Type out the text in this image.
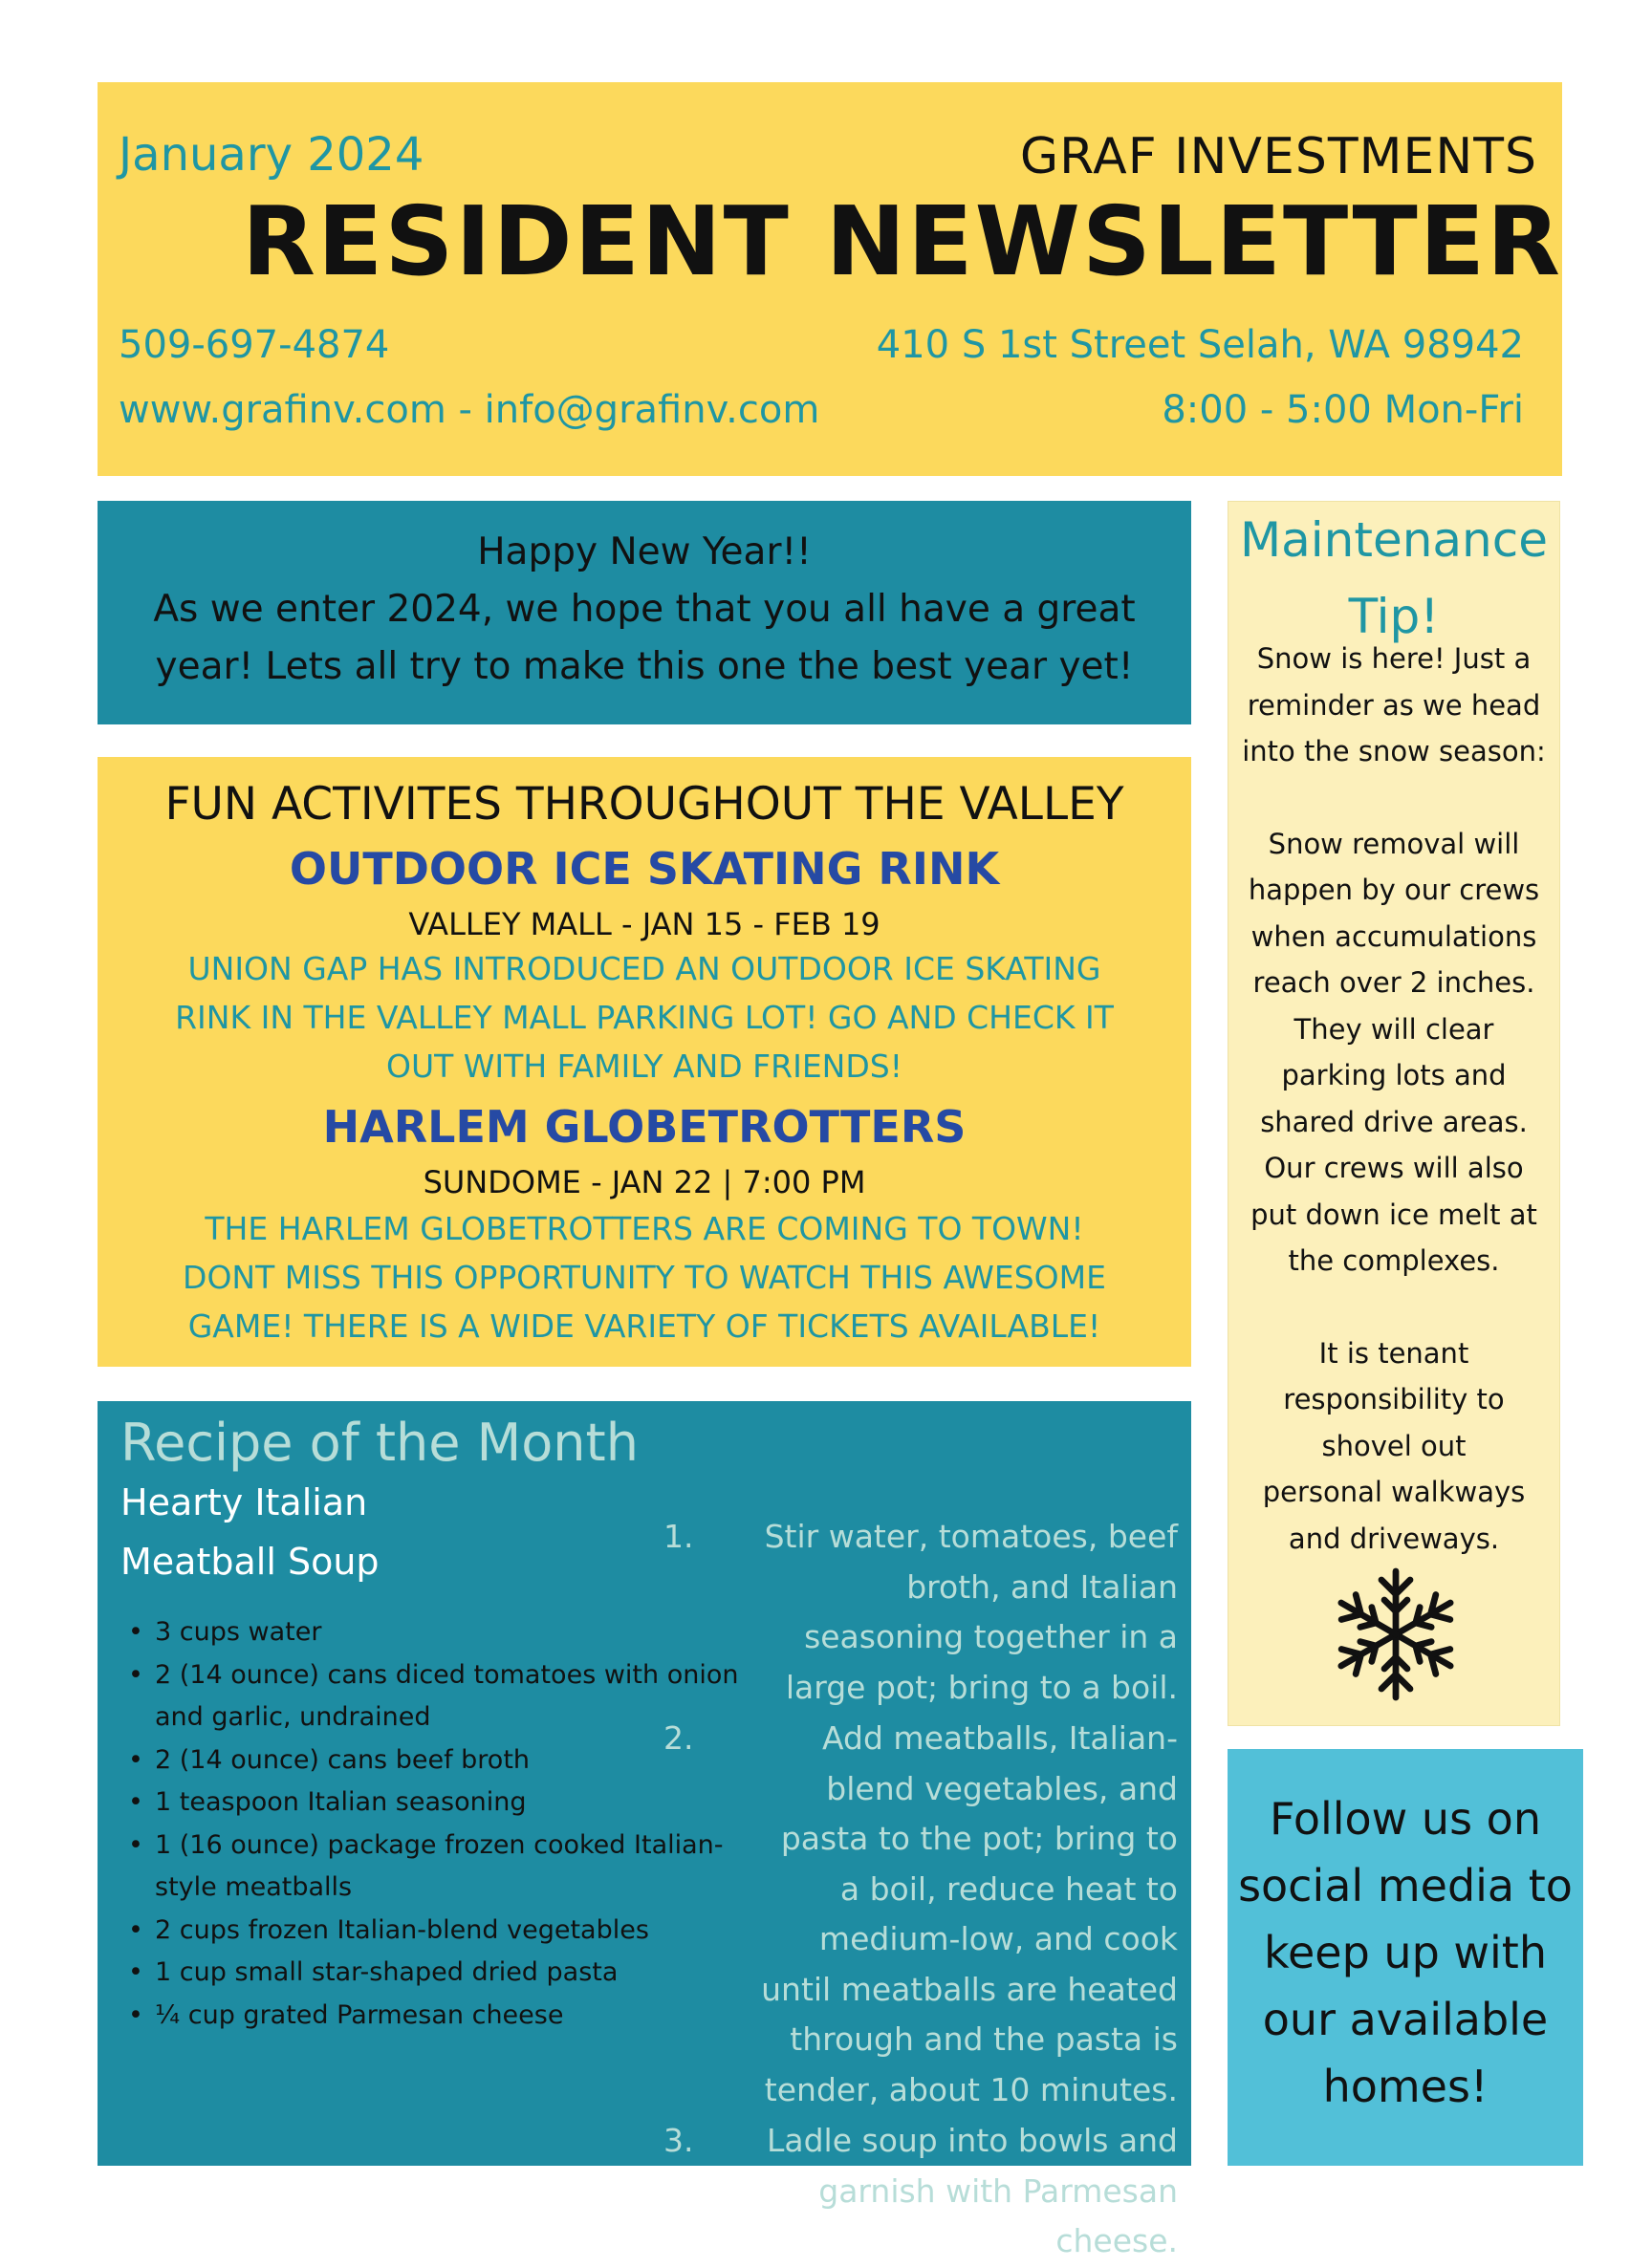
January 2024	GRAF INVESTMENTS
RESIDENT NEWSLETTER
509-697-4874	410 S 1st Street Selah, WA 98942
www.grafinv.com - info@grafinv.com	8:00 - 5:00 Mon-Fri
Happy New Year!!
As we enter 2024, we hope that you all have a great
year! Lets all try to make this one the best year yet!
FUN ACTIVITES THROUGHOUT THE VALLEY
OUTDOOR ICE SKATING RINK
VALLEY MALL - JAN 15 - FEB 19
UNION GAP HAS INTRODUCED AN OUTDOOR ICE SKATING
RINK IN THE VALLEY MALL PARKING LOT! GO AND CHECK IT
OUT WITH FAMILY AND FRIENDS!
HARLEM GLOBETROTTERS
SUNDOME - JAN 22 | 7:00 PM
THE HARLEM GLOBETROTTERS ARE COMING TO TOWN!
DONT MISS THIS OPPORTUNITY TO WATCH THIS AWESOME
GAME! THERE IS A WIDE VARIETY OF TICKETS AVAILABLE!
Recipe of the Month
Hearty Italian
Meatball Soup
• 3 cups water
• 2 (14 ounce) cans diced tomatoes with onion and garlic, undrained
• 2 (14 ounce) cans beef broth
• 1 teaspoon Italian seasoning
• 1 (16 ounce) package frozen cooked Italian-style meatballs
• 2 cups frozen Italian-blend vegetables
• 1 cup small star-shaped dried pasta
• ¼ cup grated Parmesan cheese
1. Stir water, tomatoes, beef broth, and Italian seasoning together in a large pot; bring to a boil.
2.	Add meatballs, Italian-blend vegetables, and pasta to the pot; bring to a boil, reduce heat to medium-low, and cook until meatballs are heated through and the pasta is tender, about 10 minutes.
3. Ladle soup into bowls and garnish with Parmesan cheese.
Maintenance
Tip!
Snow is here! Just a reminder as we head into the snow season:
Snow removal will happen by our crews when accumulations reach over 2 inches. They will clear parking lots and shared drive areas. Our crews will also put down ice melt at the complexes.
It is tenant responsibility to shovel out personal walkways and driveways.
Follow us on social media to keep up with our available homes!
